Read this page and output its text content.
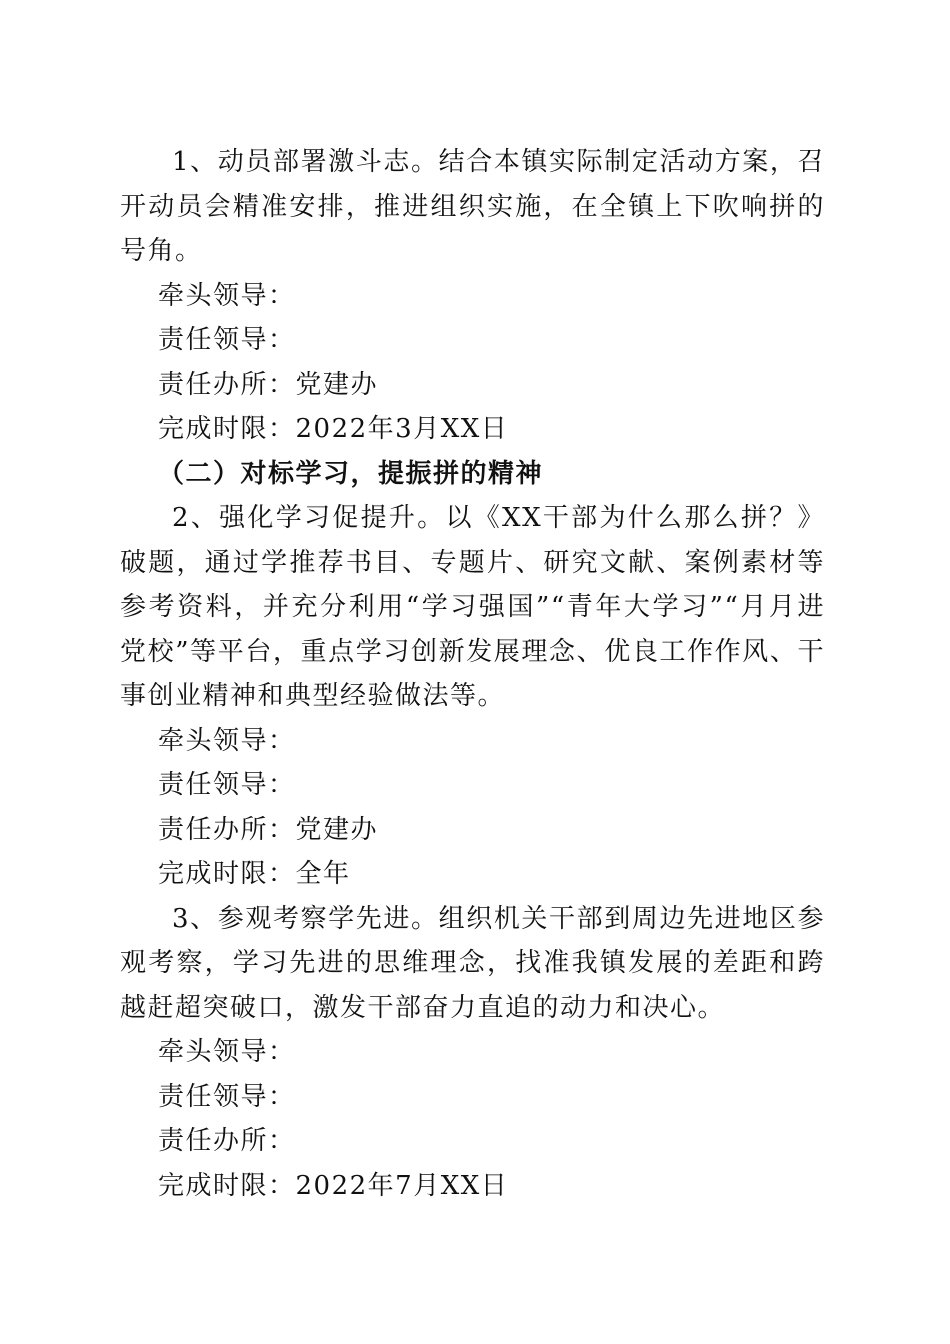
1、动员部署激斗志。结合本镇实际制定活动方案，召开动员会精准安排，推进组织实施，在全镇上下吹响拼的号角。

牵头领导：

责任领导：

责任办所：党建办

完成时限：2022年3月XX日

（二）对标学习，提振拼的精神

2、强化学习促提升。以《XX干部为什么那么拼？》破题，通过学推荐书目、专题片、研究文献、案例素材等参考资料，并充分利用“学习强国”“青年大学习”“月月进党校”等平台，重点学习创新发展理念、优良工作作风、干事创业精神和典型经验做法等。

牵头领导：

责任领导：

责任办所：党建办

完成时限：全年

3、参观考察学先进。组织机关干部到周边先进地区参观考察，学习先进的思维理念，找准我镇发展的差距和跨越赶超突破口，激发干部奋力直追的动力和决心。

牵头领导：

责任领导：

责任办所：

完成时限：2022年7月XX日
